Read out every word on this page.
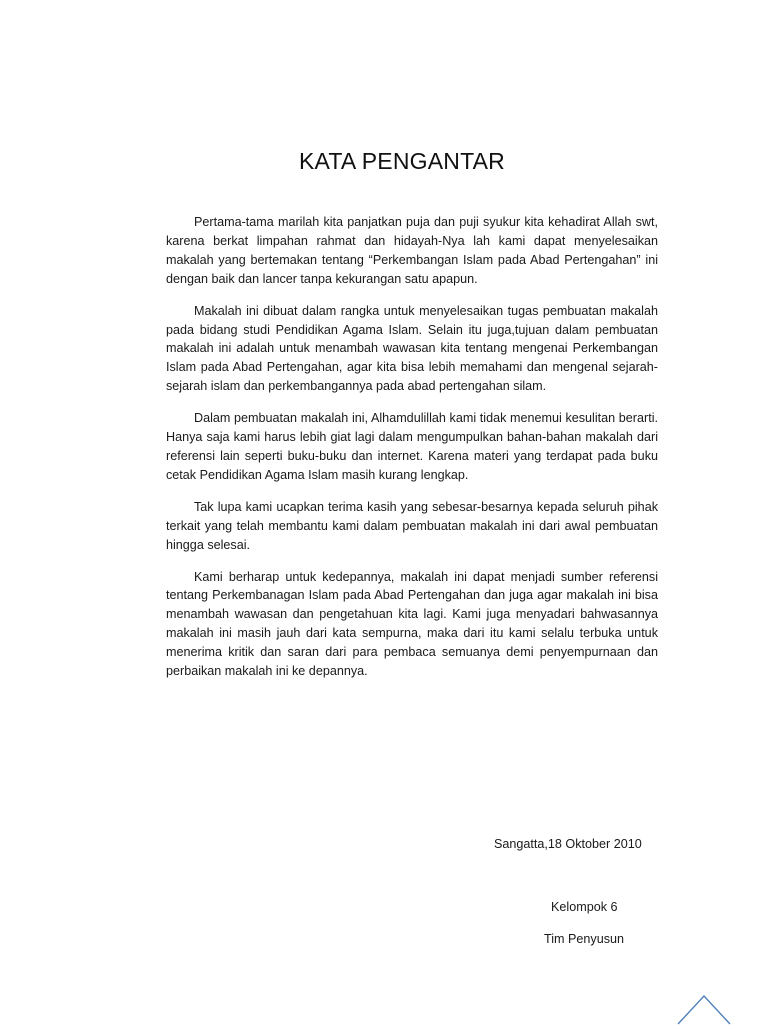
KATA PENGANTAR

Pertama-tama marilah kita panjatkan puja dan puji syukur kita kehadirat Allah swt, karena berkat limpahan rahmat dan hidayah-Nya lah kami dapat menyelesaikan makalah yang bertemakan tentang “Perkembangan Islam pada Abad Pertengahan” ini dengan baik dan lancer tanpa kekurangan satu apapun.

Makalah ini dibuat dalam rangka untuk menyelesaikan tugas pembuatan makalah pada bidang studi Pendidikan Agama Islam. Selain itu juga,tujuan dalam pembuatan makalah ini adalah untuk menambah wawasan kita tentang mengenai Perkembangan Islam pada Abad Pertengahan, agar kita bisa lebih memahami dan mengenal sejarah-sejarah islam dan perkembangannya pada abad pertengahan silam.

Dalam pembuatan makalah ini, Alhamdulillah kami tidak menemui kesulitan berarti. Hanya saja kami harus lebih giat lagi dalam mengumpulkan bahan-bahan makalah dari referensi lain seperti buku-buku dan internet. Karena materi yang terdapat pada buku cetak Pendidikan Agama Islam masih kurang lengkap.

Tak lupa kami ucapkan terima kasih yang sebesar-besarnya kepada seluruh pihak terkait yang telah membantu kami dalam pembuatan makalah ini dari awal pembuatan hingga selesai.

Kami berharap untuk kedepannya, makalah ini dapat menjadi sumber referensi tentang Perkembanagan Islam pada Abad Pertengahan dan juga agar makalah ini bisa menambah wawasan dan pengetahuan kita lagi. Kami juga menyadari bahwasannya makalah ini masih jauh dari kata sempurna, maka dari itu kami selalu terbuka untuk menerima kritik dan saran dari para pembaca semuanya demi penyempurnaan dan perbaikan makalah ini ke depannya.

Sangatta,18 Oktober 2010
Kelompok 6
Tim Penyusun
